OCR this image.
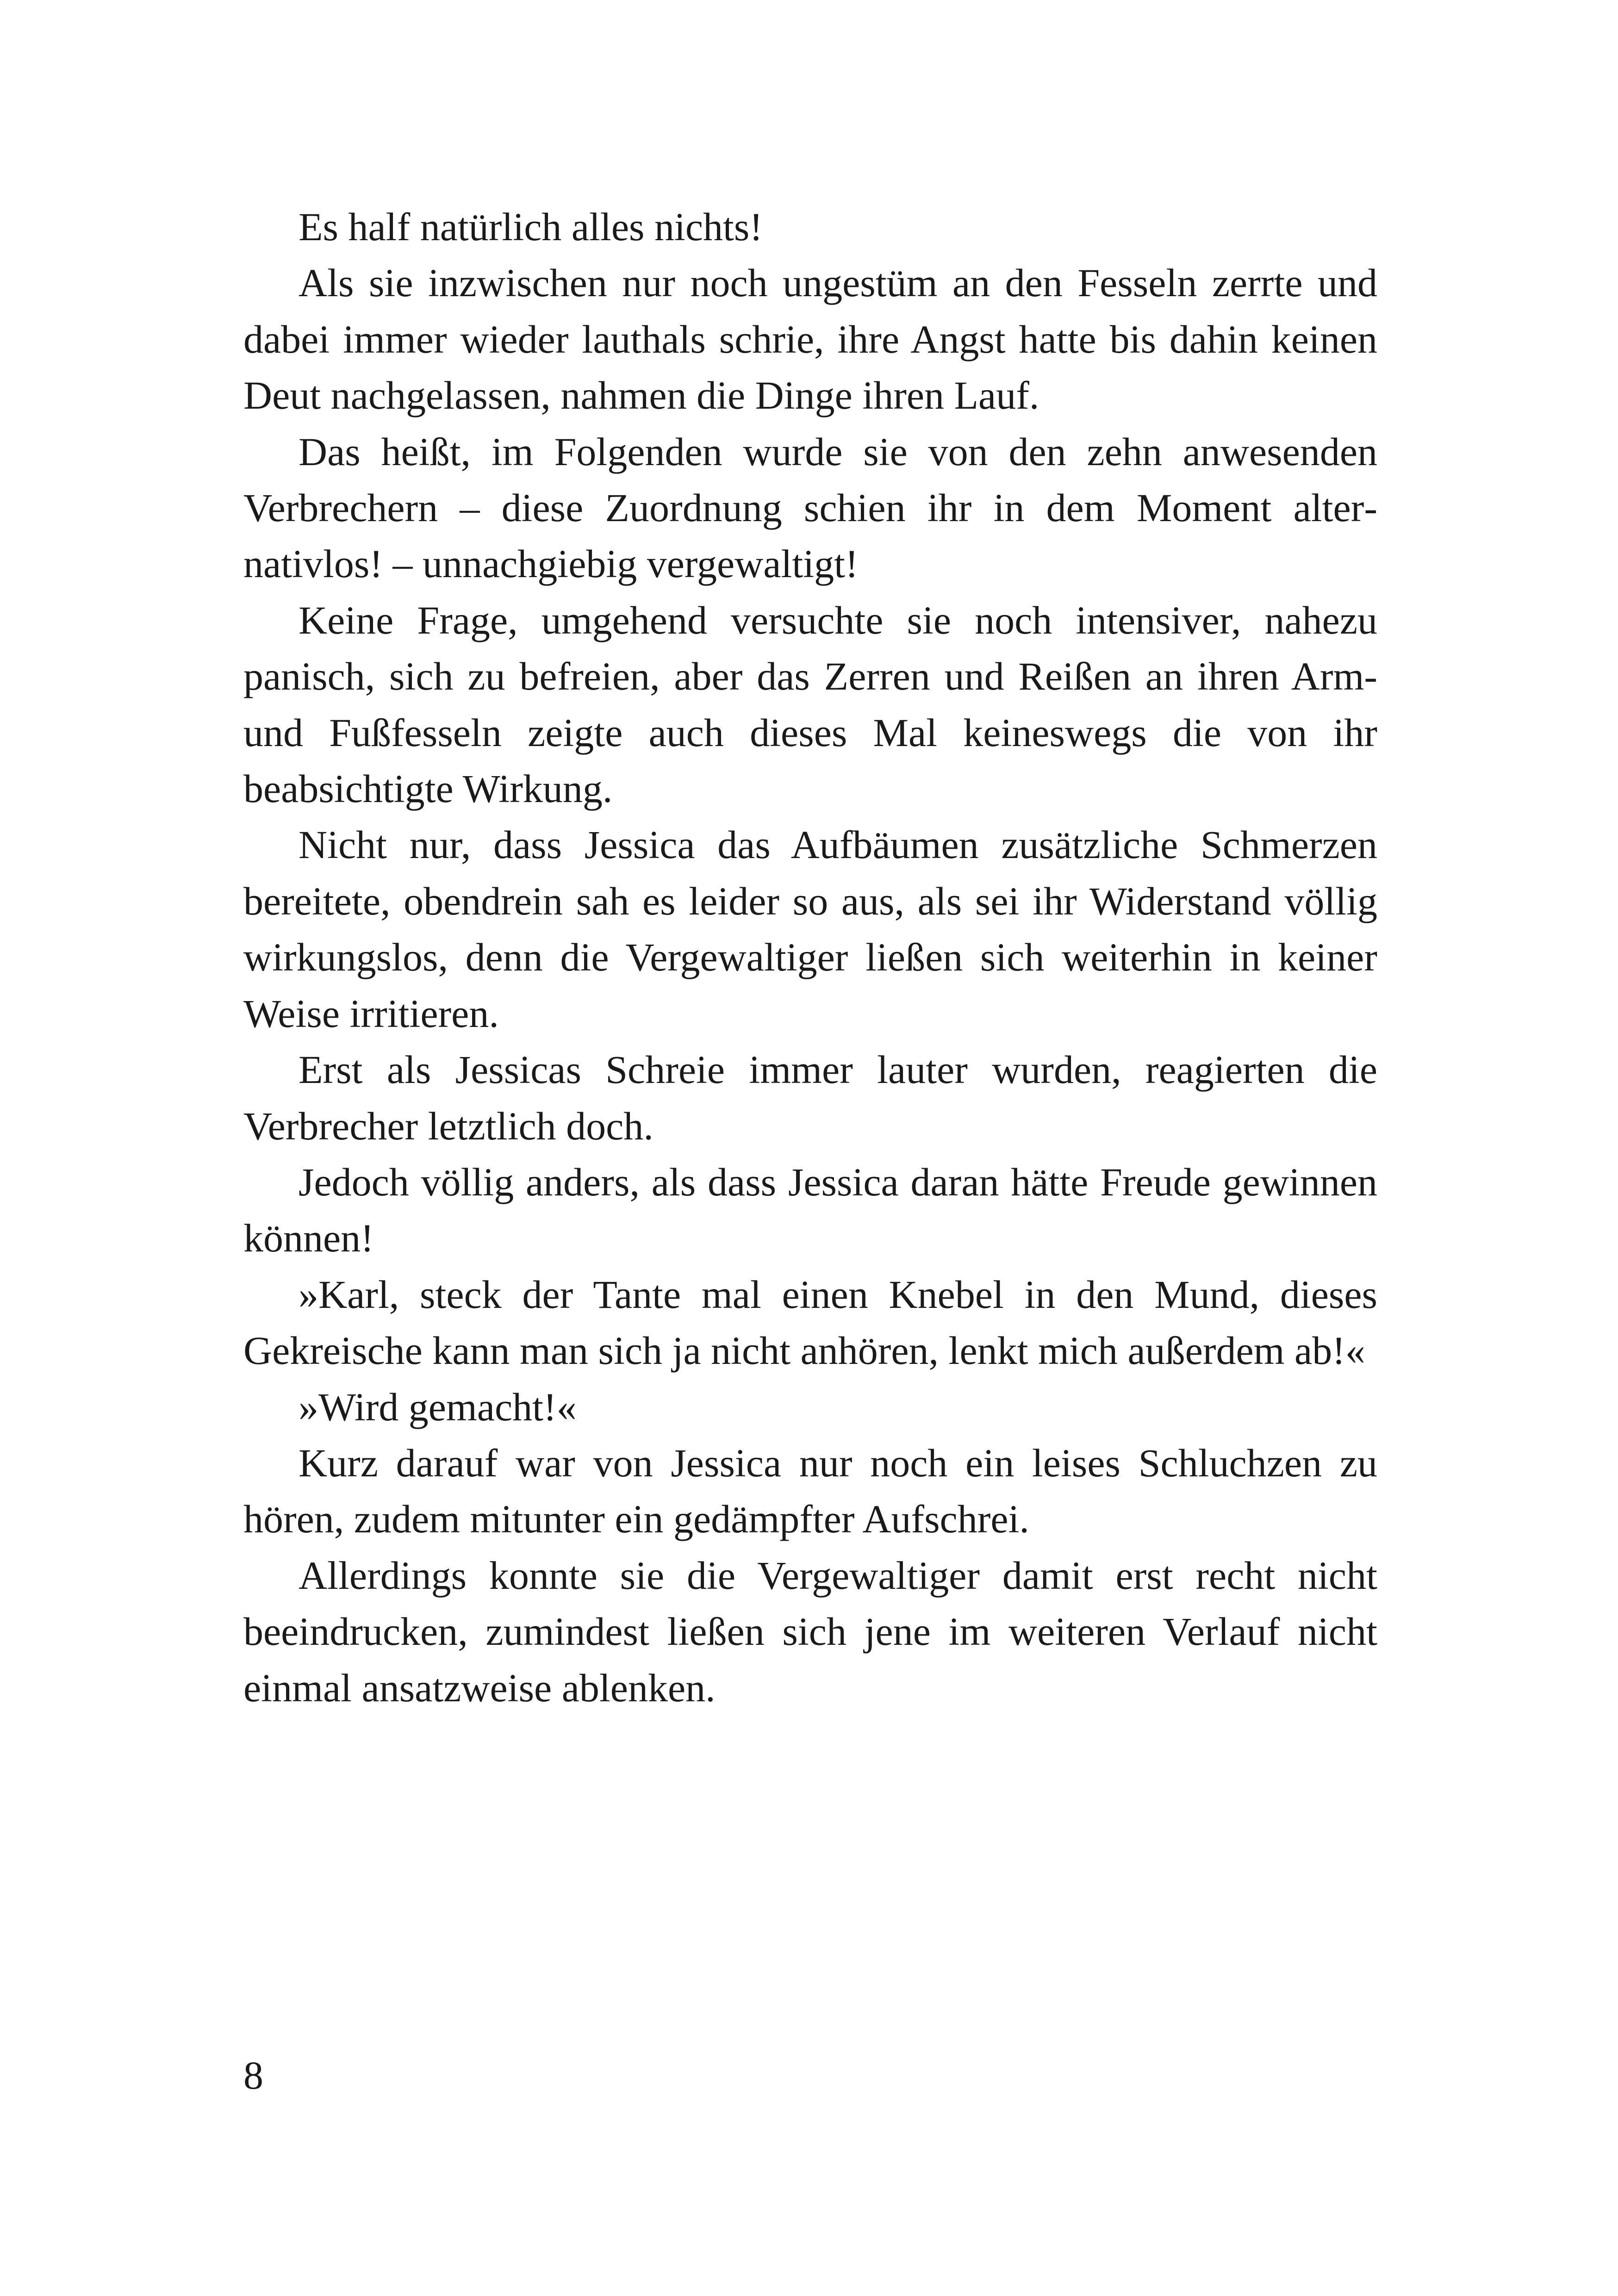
Es half natürlich alles nichts!

Als sie inzwischen nur noch ungestüm an den Fesseln zerrte und dabei immer wieder lauthals schrie, ihre Angst hatte bis dahin keinen Deut nachgelassen, nahmen die Dinge ihren Lauf.

Das heißt, im Folgenden wurde sie von den zehn anwesenden Verbrechern – diese Zuordnung schien ihr in dem Moment alternativlos! – unnachgiebig vergewaltigt!

Keine Frage, umgehend versuchte sie noch intensiver, nahezu panisch, sich zu befreien, aber das Zerren und Reißen an ihren Arm- und Fußfesseln zeigte auch dieses Mal keineswegs die von ihr beabsichtigte Wirkung.

Nicht nur, dass Jessica das Aufbäumen zusätzliche Schmerzen bereitete, obendrein sah es leider so aus, als sei ihr Widerstand völlig wirkungslos, denn die Vergewaltiger ließen sich weiterhin in keiner Weise irritieren.

Erst als Jessicas Schreie immer lauter wurden, reagierten die Verbrecher letztlich doch.

Jedoch völlig anders, als dass Jessica daran hätte Freude gewinnen können!

»Karl, steck der Tante mal einen Knebel in den Mund, dieses Gekreische kann man sich ja nicht anhören, lenkt mich außerdem ab!«

»Wird gemacht!«

Kurz darauf war von Jessica nur noch ein leises Schluchzen zu hören, zudem mitunter ein gedämpfter Aufschrei.

Allerdings konnte sie die Vergewaltiger damit erst recht nicht beeindrucken, zumindest ließen sich jene im weiteren Verlauf nicht einmal ansatzweise ablenken.

8
